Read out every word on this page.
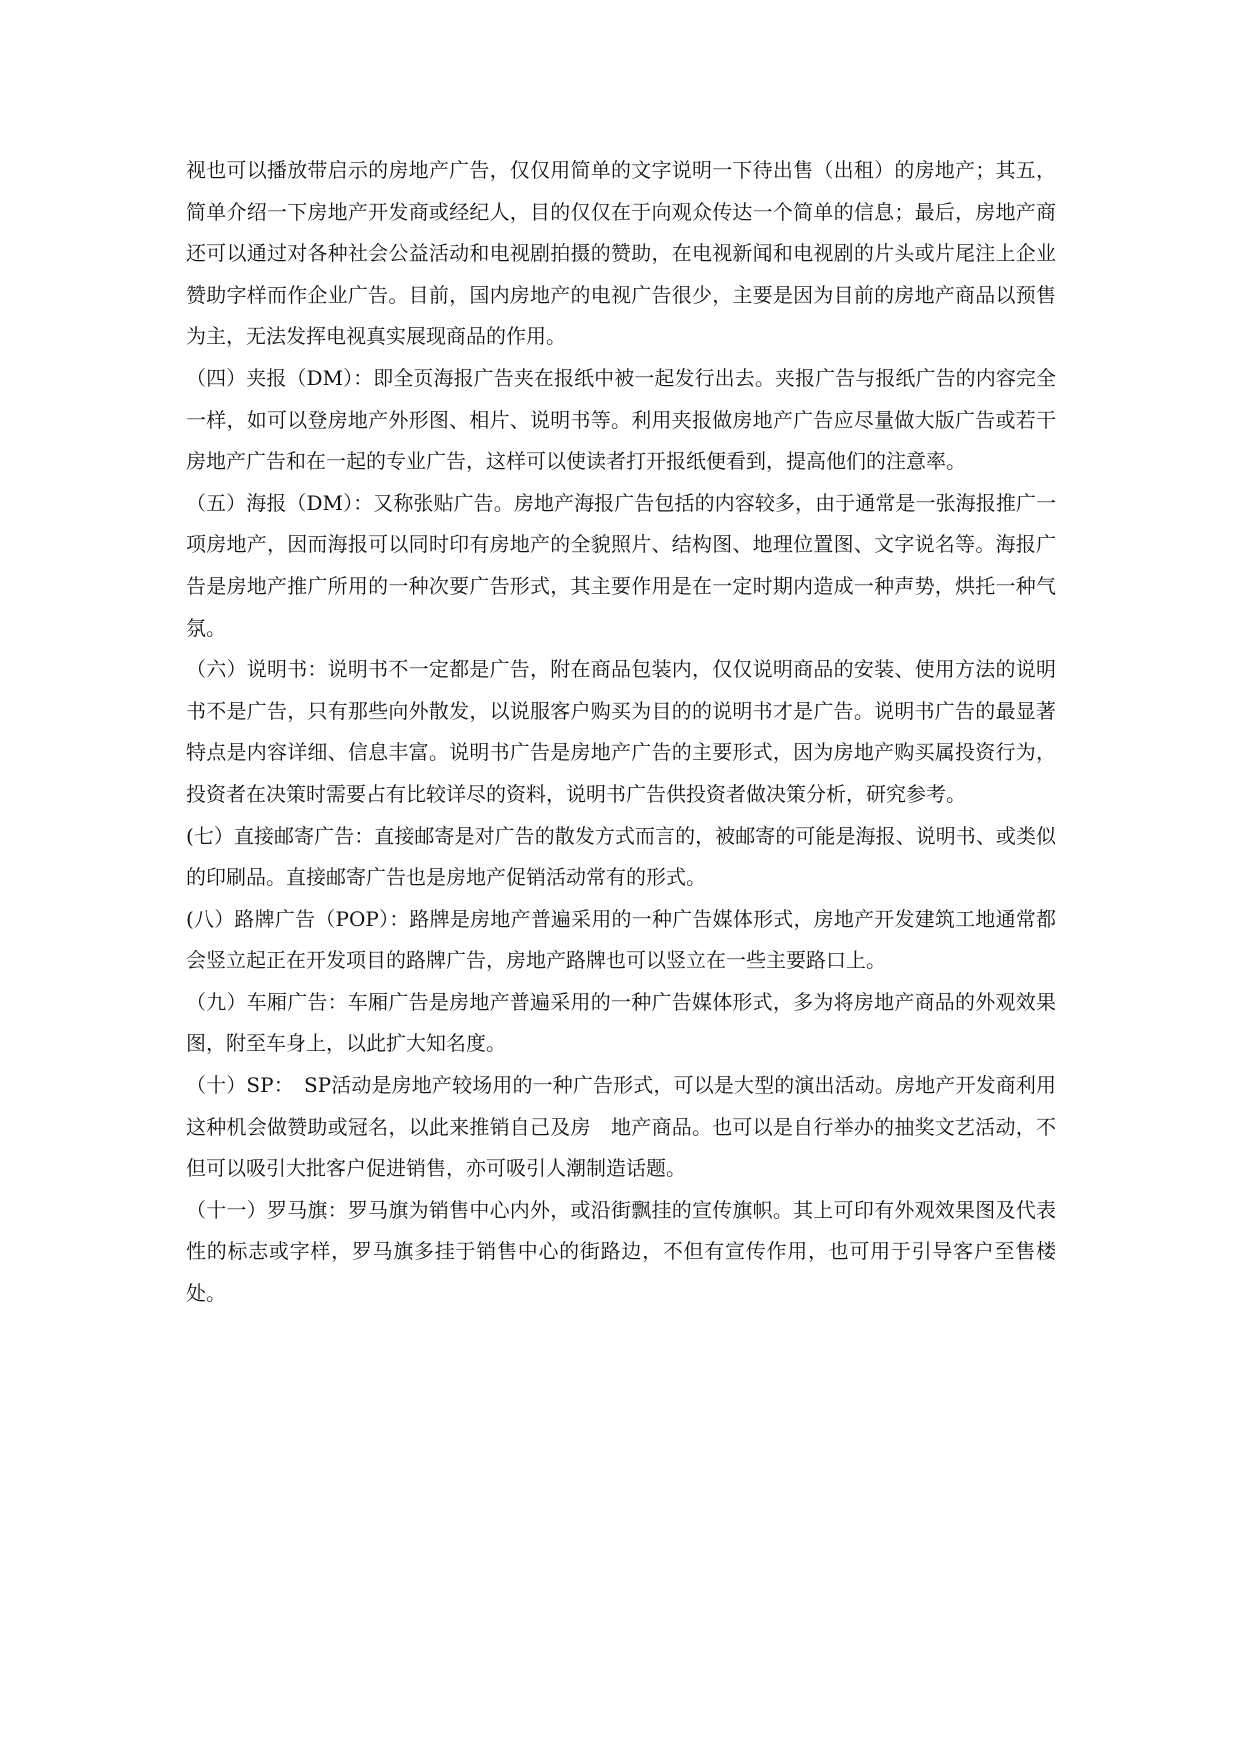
视也可以播放带启示的房地产广告，仅仅用简单的文字说明一下待出售（出租）的房地产；其五，简单介绍一下房地产开发商或经纪人，目的仅仅在于向观众传达一个简单的信息；最后，房地产商还可以通过对各种社会公益活动和电视剧拍摄的赞助，在电视新闻和电视剧的片头或片尾注上企业赞助字样而作企业广告。目前，国内房地产的电视广告很少，主要是因为目前的房地产商品以预售为主，无法发挥电视真实展现商品的作用。

（四）夹报（DM）：即全页海报广告夹在报纸中被一起发行出去。夹报广告与报纸广告的内容完全一样，如可以登房地产外形图、相片、说明书等。利用夹报做房地产广告应尽量做大版广告或若干房地产广告和在一起的专业广告，这样可以使读者打开报纸便看到，提高他们的注意率。

（五）海报（DM）：又称张贴广告。房地产海报广告包括的内容较多，由于通常是一张海报推广一项房地产，因而海报可以同时印有房地产的全貌照片、结构图、地理位置图、文字说名等。海报广告是房地产推广所用的一种次要广告形式，其主要作用是在一定时期内造成一种声势，烘托一种气氛。

（六）说明书：说明书不一定都是广告，附在商品包装内，仅仅说明商品的安装、使用方法的说明书不是广告，只有那些向外散发，以说服客户购买为目的的说明书才是广告。说明书广告的最显著特点是内容详细、信息丰富。说明书广告是房地产广告的主要形式，因为房地产购买属投资行为，投资者在决策时需要占有比较详尽的资料，说明书广告供投资者做决策分析，研究参考。

(七）直接邮寄广告：直接邮寄是对广告的散发方式而言的，被邮寄的可能是海报、说明书、或类似的印刷品。直接邮寄广告也是房地产促销活动常有的形式。

(八）路牌广告（POP）：路牌是房地产普遍采用的一种广告媒体形式，房地产开发建筑工地通常都会竖立起正在开发项目的路牌广告，房地产路牌也可以竖立在一些主要路口上。

（九）车厢广告：车厢广告是房地产普遍采用的一种广告媒体形式，多为将房地产商品的外观效果图，附至车身上，以此扩大知名度。

（十）SP：　SP活动是房地产较场用的一种广告形式，可以是大型的演出活动。房地产开发商利用这种机会做赞助或冠名，以此来推销自己及房　地产商品。也可以是自行举办的抽奖文艺活动，不但可以吸引大批客户促进销售，亦可吸引人潮制造话题。

（十一）罗马旗：罗马旗为销售中心内外，或沿街飘挂的宣传旗帜。其上可印有外观效果图及代表性的标志或字样，罗马旗多挂于销售中心的街路边，不但有宣传作用，也可用于引导客户至售楼处。
